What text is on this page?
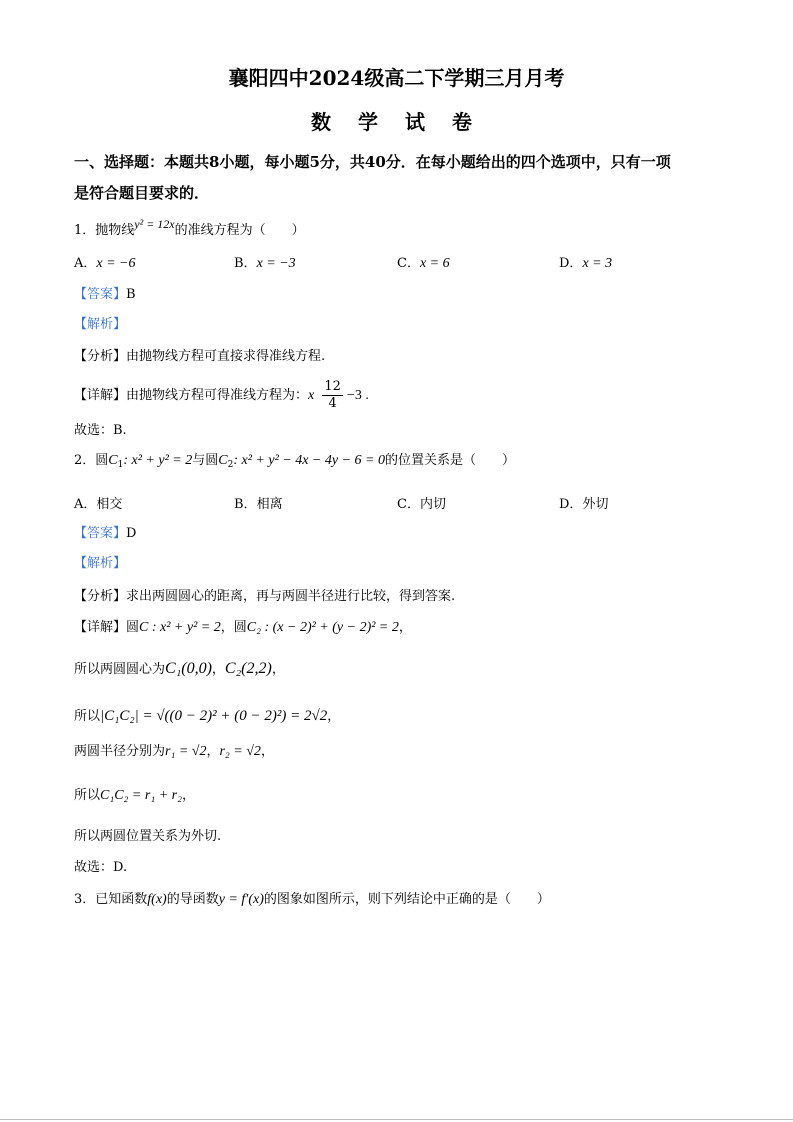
襄阳四中2024级高二下学期三月月考
数 学 试 卷
一、选择题：本题共8小题，每小题5分，共40分．在每小题给出的四个选项中，只有一项
是符合题目要求的．
1．抛物线y² = 12x的准线方程为（　　）
A．x = −6	B．x = −3	C．x = 6	D．x = 3
【答案】B
【解析】
【分析】由抛物线方程可直接求得准线方程.
【详解】由抛物线方程可得准线方程为：x $\frac{12}{4} -3$ .
故选：B.
2．圆$C_1$: x² + y² = 2与圆$C_2$: x² + y² − 4x − 4y − 6 = 0的位置关系是（　　）
A．相交	B．相离	C．内切	D．外切
【答案】D
【解析】
【分析】求出两圆圆心的距离，再与两圆半径进行比较，得到答案.
【详解】圆C : x² + y² = 2，圆C₂ : (x − 2)² + (y − 2)² = 2，
所以两圆圆心为C₁(0,0)，C₂(2,2)，
所以|C₁C₂| = √((0 − 2)² + (0 − 2)²) = 2√2，
两圆半径分别为r₁ = √2，r₂ = √2，
所以C₁C₂ = r₁ + r₂，
所以两圆位置关系为外切.
故选：D.
3．已知函数f(x)的导函数y = f′(x)的图象如图所示，则下列结论中正确的是（　　）
